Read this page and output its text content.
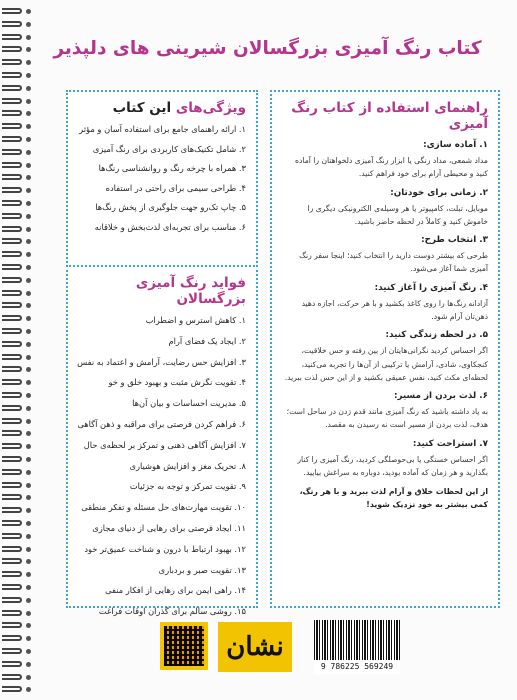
کتاب رنگ آمیزی بزرگسالان شیرینی های دلپذیر
راهنمای استفاده از کتاب رنگ آمیزی
۱. آماده سازی:

مداد شمعی، مداد رنگی یا ابزار رنگ آمیزی دلخواهتان را آماده کنید و محیطی آرام برای خود فراهم کنید.

۲. زمانی برای خودتان:

موبایل، تبلت، کامپیوتر یا هر وسیله‌ی الکترونیکی دیگری را خاموش کنید و کاملاً در لحظه حاضر باشید.

۳. انتخاب طرح:

طرحی که بیشتر دوست دارید را انتخاب کنید؛ اینجا سفر رنگ آمیزی شما آغاز می‌شود.

۴. رنگ آمیزی را آغاز کنید:

آزادانه رنگ‌ها را روی کاغذ بکشید و با هر حرکت، اجازه دهید ذهن‌تان آرام شود.

۵. در لحظه زندگی کنید:

اگر احساس کردید نگرانی‌هایتان از بین رفته و حس خلاقیت، کنجکاوی، شادی، آرامش یا ترکیبی از آن‌ها را تجربه می‌کنید، لحظه‌ای مکث کنید، نفس عمیقی بکشید و از این حس لذت ببرید.

۶. لذت بردن از مسیر:

به یاد داشته باشید که رنگ آمیزی مانند قدم زدن در ساحل است؛ هدف، لذت بردن از مسیر است نه رسیدن به مقصد.

۷. استراحت کنید:

اگر احساس خستگی یا بی‌حوصلگی کردید، رنگ آمیزی را کنار بگذارید و هر زمان که آماده بودید، دوباره به سراغش بیایید.

از این لحظات خلاق و آرام لذت ببرید و با هر رنگ، کمی بیشتر به خود نزدیک شوید!
ویژگی‌های این کتاب
۱. ارائه راهنمای جامع برای استفاده آسان و مؤثر
۲. شامل تکنیک‌های کاربردی برای رنگ آمیزی
۳. همراه با چرخه رنگ و روانشناسی رنگ‌ها
۴. طراحی سیمی برای راحتی در استفاده
۵. چاپ تک‌رو جهت جلوگیری از پخش رنگ‌ها
۶. مناسب برای تجربه‌ای لذت‌بخش و خلاقانه
فواید رنگ آمیزی بزرگسالان
۱. کاهش استرس و اضطراب
۲. ایجاد یک فضای آرام
۳. افزایش حس رضایت، آرامش و اعتماد به نفس
۴. تقویت نگرش مثبت و بهبود خلق و خو
۵. مدیریت احساسات و بیان آن‌ها
۶. فراهم کردن فرصتی برای مراقبه و ذهن آگاهی
۷. افزایش آگاهی ذهنی و تمرکز بر لحظه‌ی حال
۸. تحریک مغز و افزایش هوشیاری
۹. تقویت تمرکز و توجه به جزئیات
۱۰. تقویت مهارت‌های حل مسئله و تفکر منطقی
۱۱. ایجاد فرصتی برای رهایی از دنیای مجازی
۱۲. بهبود ارتباط با درون و شناخت عمیق‌تر خود
۱۳. تقویت صبر و بردباری
۱۴. راهی ایمن برای رهایی از افکار منفی
۱۵. روشی سالم برای گذران اوقات فراغت
نشان
9 786225 569249
